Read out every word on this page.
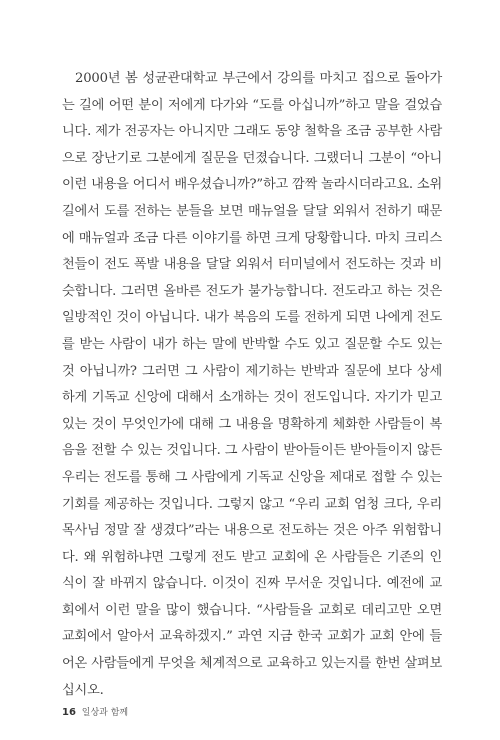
2000년 봄 성균관대학교 부근에서 강의를 마치고 집으로 돌아가
는 길에 어떤 분이 저에게 다가와 “도를 아십니까”하고 말을 걸었습
니다. 제가 전공자는 아니지만 그래도 동양 철학을 조금 공부한 사람
으로 장난기로 그분에게 질문을 던졌습니다. 그랬더니 그분이 “아니
이런 내용을 어디서 배우셨습니까?”하고 깜짝 놀라시더라고요. 소위
길에서 도를 전하는 분들을 보면 매뉴얼을 달달 외워서 전하기 때문
에 매뉴얼과 조금 다른 이야기를 하면 크게 당황합니다. 마치 크리스
천들이 전도 폭발 내용을 달달 외워서 터미널에서 전도하는 것과 비
슷합니다. 그러면 올바른 전도가 불가능합니다. 전도라고 하는 것은
일방적인 것이 아닙니다. 내가 복음의 도를 전하게 되면 나에게 전도
를 받는 사람이 내가 하는 말에 반박할 수도 있고 질문할 수도 있는
것 아닙니까? 그러면 그 사람이 제기하는 반박과 질문에 보다 상세
하게 기독교 신앙에 대해서 소개하는 것이 전도입니다. 자기가 믿고
있는 것이 무엇인가에 대해 그 내용을 명확하게 체화한 사람들이 복
음을 전할 수 있는 것입니다. 그 사람이 받아들이든 받아들이지 않든
우리는 전도를 통해 그 사람에게 기독교 신앙을 제대로 접할 수 있는
기회를 제공하는 것입니다. 그렇지 않고 “우리 교회 엄청 크다, 우리
목사님 정말 잘 생겼다”라는 내용으로 전도하는 것은 아주 위험합니
다. 왜 위험하냐면 그렇게 전도 받고 교회에 온 사람들은 기존의 인
식이 잘 바뀌지 않습니다. 이것이 진짜 무서운 것입니다. 예전에 교
회에서 이런 말을 많이 했습니다. “사람들을 교회로 데리고만 오면
교회에서 알아서 교육하겠지.” 과연 지금 한국 교회가 교회 안에 들
어온 사람들에게 무엇을 체계적으로 교육하고 있는지를 한번 살펴보
십시오.
16 일상과 함께
